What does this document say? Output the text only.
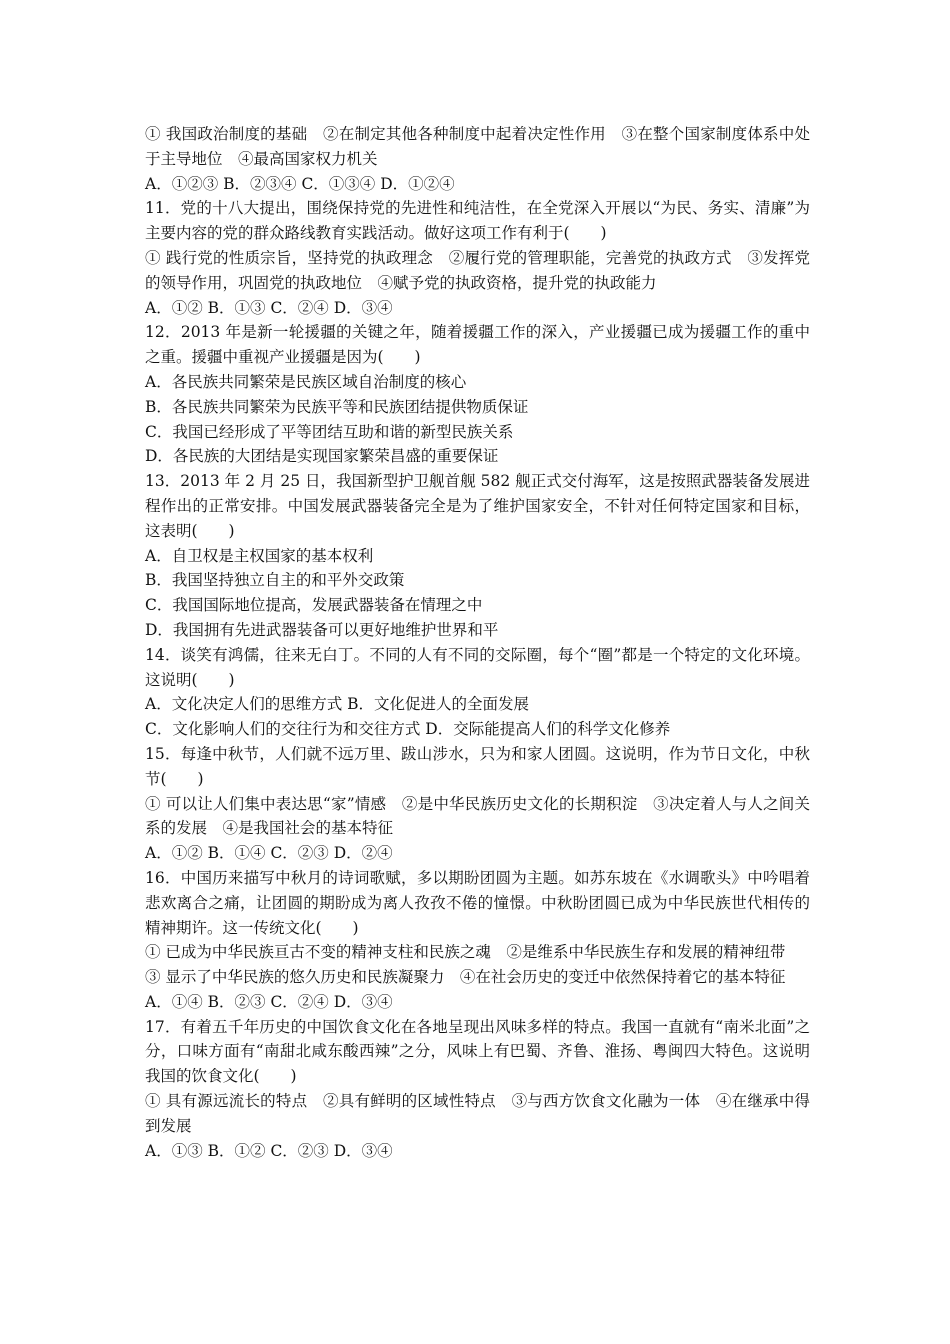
① 我国政治制度的基础　②在制定其他各种制度中起着决定性作用　③在整个国家制度体系中处于主导地位　④最高国家权力机关

A．①②③ B．②③④ C．①③④ D．①②④

11．党的十八大提出，围绕保持党的先进性和纯洁性，在全党深入开展以“为民、务实、清廉”为主要内容的党的群众路线教育实践活动。做好这项工作有利于(　　)

① 践行党的性质宗旨，坚持党的执政理念　②履行党的管理职能，完善党的执政方式　③发挥党的领导作用，巩固党的执政地位　④赋予党的执政资格，提升党的执政能力

A．①② B．①③ C．②④ D．③④

12．2013 年是新一轮援疆的关键之年，随着援疆工作的深入，产业援疆已成为援疆工作的重中之重。援疆中重视产业援疆是因为(　　)

A．各民族共同繁荣是民族区域自治制度的核心

B．各民族共同繁荣为民族平等和民族团结提供物质保证

C．我国已经形成了平等团结互助和谐的新型民族关系

D．各民族的大团结是实现国家繁荣昌盛的重要保证

13．2013 年 2 月 25 日，我国新型护卫舰首舰 582 舰正式交付海军，这是按照武器装备发展进程作出的正常安排。中国发展武器装备完全是为了维护国家安全，不针对任何特定国家和目标，这表明(　　)

A．自卫权是主权国家的基本权利

B．我国坚持独立自主的和平外交政策

C．我国国际地位提高，发展武器装备在情理之中

D．我国拥有先进武器装备可以更好地维护世界和平

14．谈笑有鸿儒，往来无白丁。不同的人有不同的交际圈，每个“圈”都是一个特定的文化环境。这说明(　　)

A．文化决定人们的思维方式 B．文化促进人的全面发展

C．文化影响人们的交往行为和交往方式 D．交际能提高人们的科学文化修养

15．每逢中秋节，人们就不远万里、跋山涉水，只为和家人团圆。这说明，作为节日文化，中秋节(　　)

① 可以让人们集中表达思“家”情感　②是中华民族历史文化的长期积淀　③决定着人与人之间关系的发展　④是我国社会的基本特征

A．①② B．①④ C．②③ D．②④

16．中国历来描写中秋月的诗词歌赋，多以期盼团圆为主题。如苏东坡在《水调歌头》中吟唱着悲欢离合之痛，让团圆的期盼成为离人孜孜不倦的憧憬。中秋盼团圆已成为中华民族世代相传的精神期许。这一传统文化(　　)

① 已成为中华民族亘古不变的精神支柱和民族之魂　②是维系中华民族生存和发展的精神纽带

③ 显示了中华民族的悠久历史和民族凝聚力　④在社会历史的变迁中依然保持着它的基本特征

A．①④ B．②③ C．②④ D．③④

17．有着五千年历史的中国饮食文化在各地呈现出风味多样的特点。我国一直就有“南米北面”之分，口味方面有“南甜北咸东酸西辣”之分，风味上有巴蜀、齐鲁、淮扬、粤闽四大特色。这说明我国的饮食文化(　　)

① 具有源远流长的特点　②具有鲜明的区域性特点　③与西方饮食文化融为一体　④在继承中得到发展

A．①③ B．①② C．②③ D．③④
